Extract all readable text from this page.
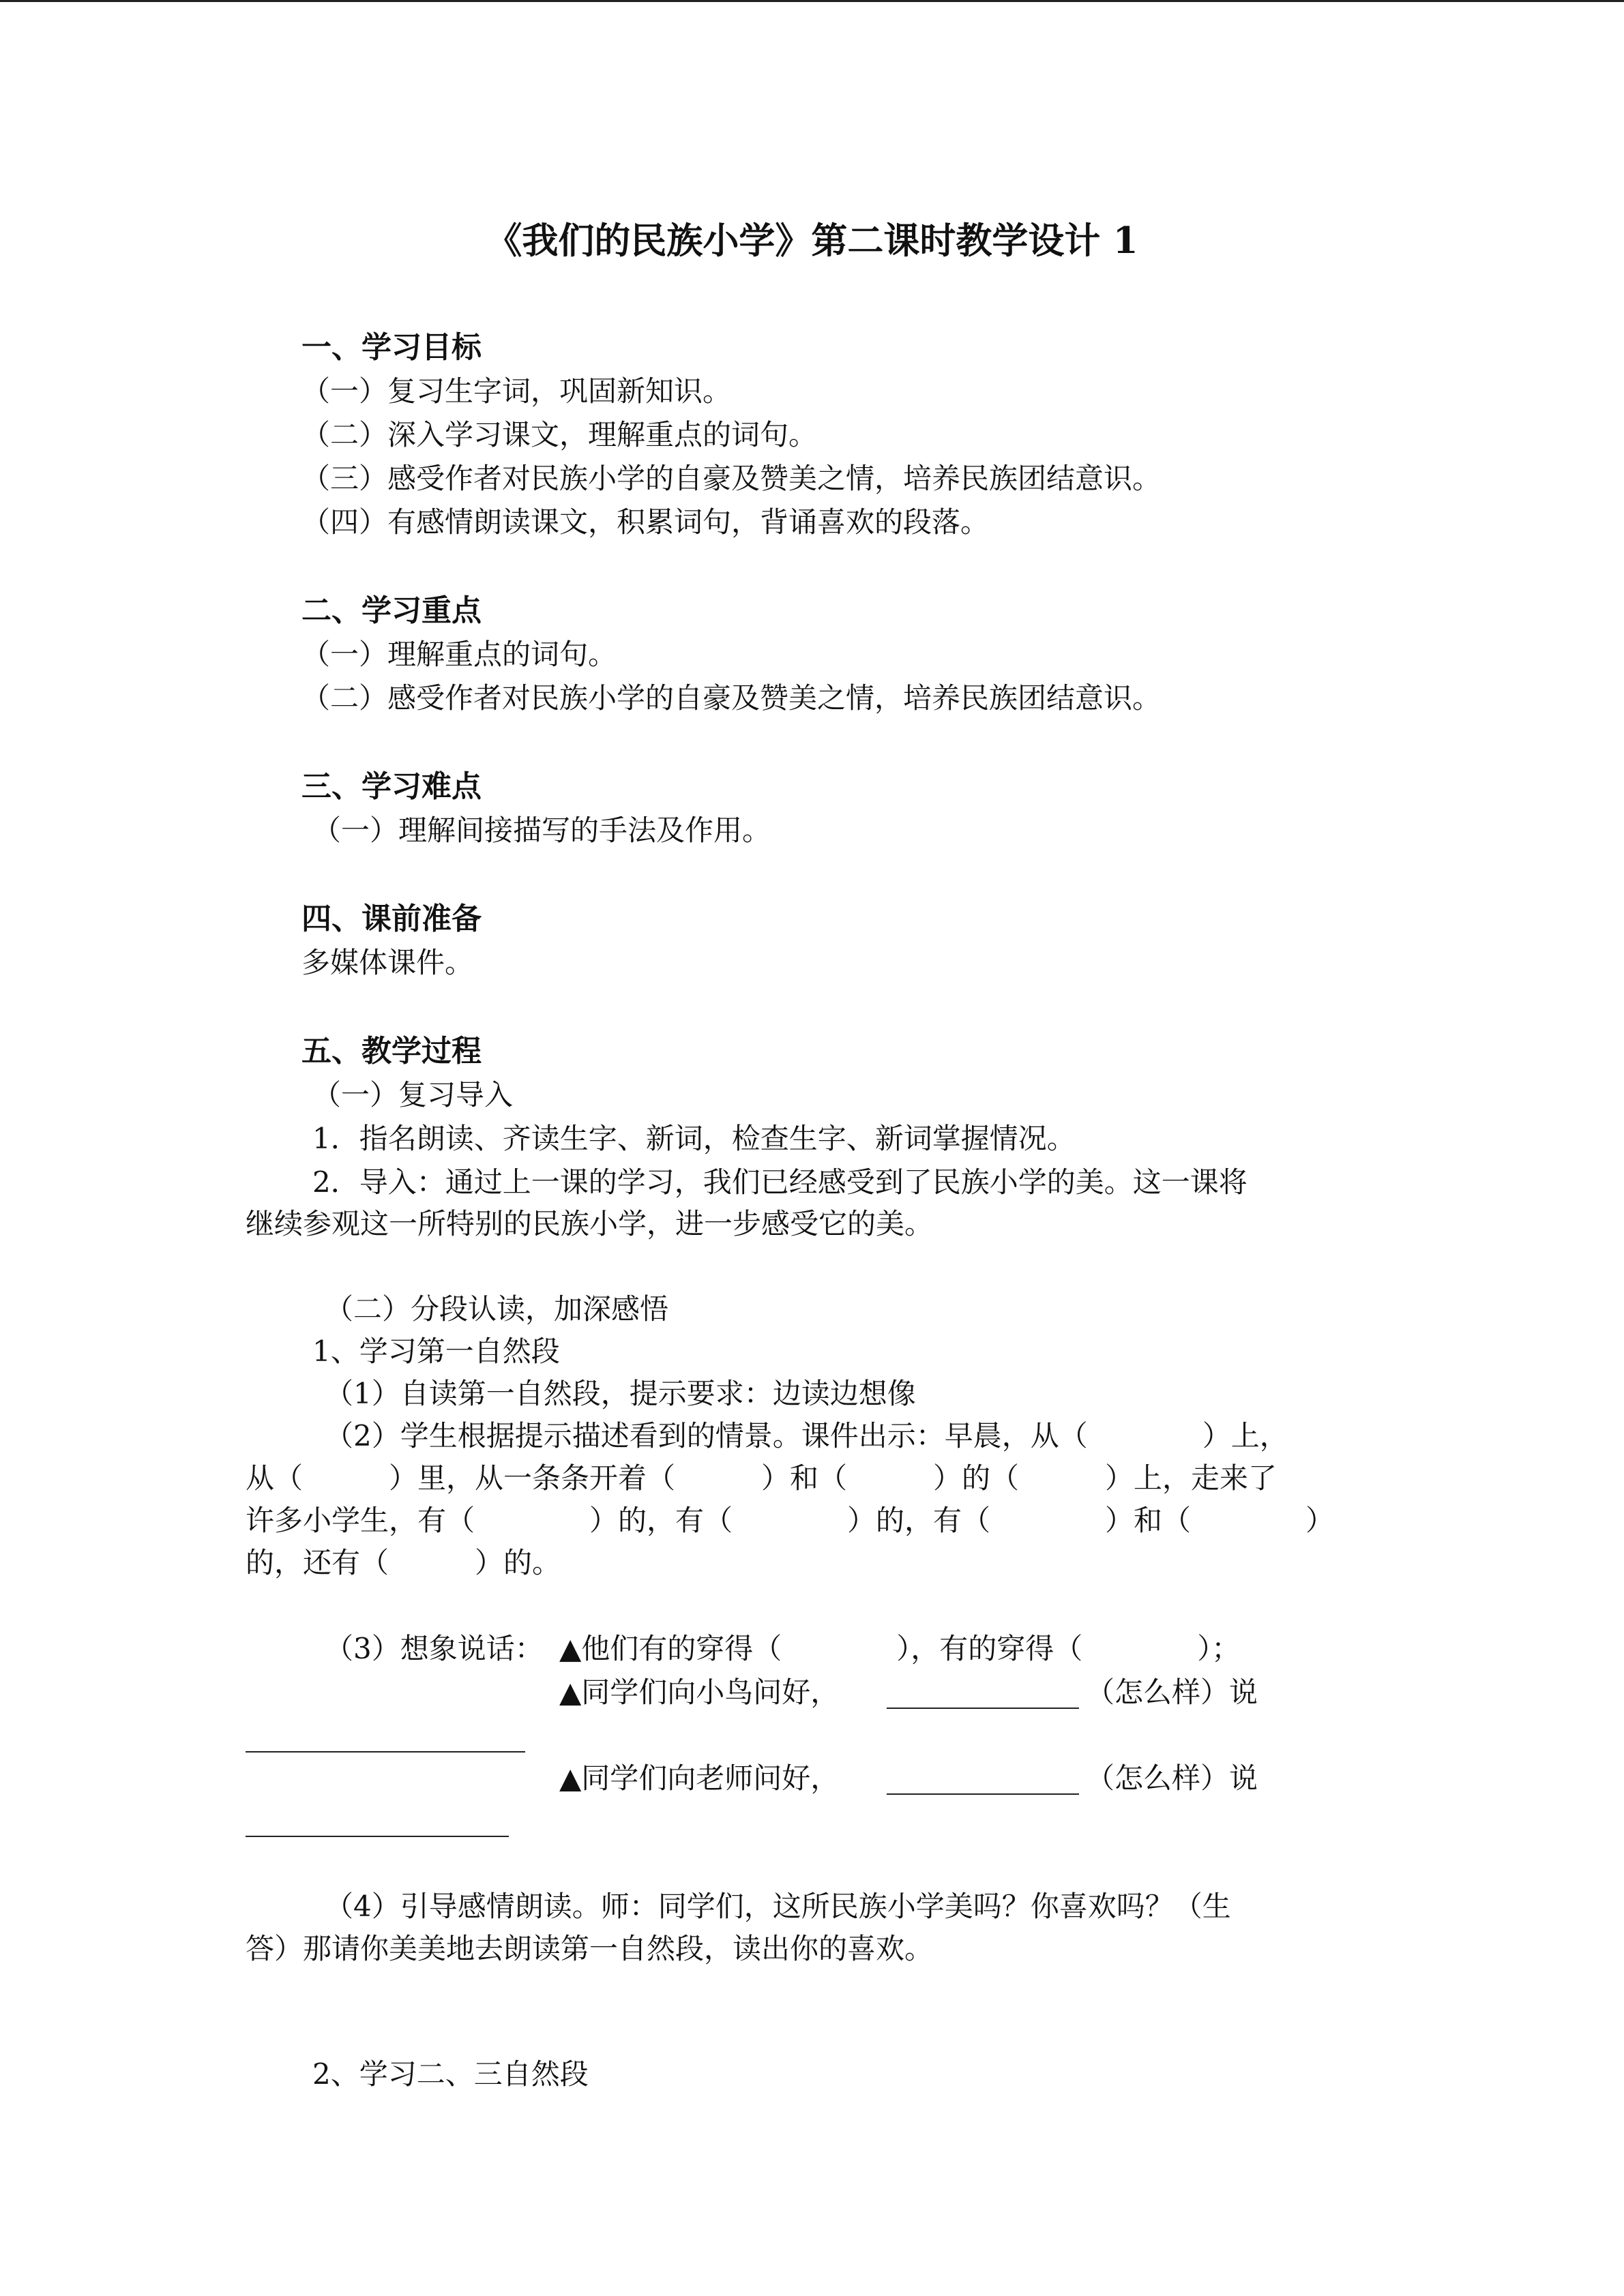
《我们的民族小学》第二课时教学设计 1
一、学习目标
（一）复习生字词，巩固新知识。
（二）深入学习课文，理解重点的词句。
（三）感受作者对民族小学的自豪及赞美之情，培养民族团结意识。
（四）有感情朗读课文，积累词句，背诵喜欢的段落。
二、学习重点
（一）理解重点的词句。
（二）感受作者对民族小学的自豪及赞美之情，培养民族团结意识。
三、学习难点
（一）理解间接描写的手法及作用。
四、课前准备
多媒体课件。
五、教学过程
（一）复习导入
1．指名朗读、齐读生字、新词，检查生字、新词掌握情况。
2．导入：通过上一课的学习，我们已经感受到了民族小学的美。这一课将
继续参观这一所特别的民族小学，进一步感受它的美。
（二）分段认读，加深感悟
1、学习第一自然段
（1）自读第一自然段，提示要求：边读边想像
（2）学生根据提示描述看到的情景。课件出示：早晨，从（　　　　）上，
从（　　　）里，从一条条开着（　　　）和（　　　）的（　　　）上，走来了
许多小学生，有（　　　　）的，有（　　　　）的，有（　　　　）和（　　　　）
的，还有（　　　）的。
（3）想象说话： ▲他们有的穿得（　　　　），有的穿得（　　　　）；
▲同学们向小鸟问好，	（怎么样）说
▲同学们向老师问好，	（怎么样）说
（4）引导感情朗读。师：同学们，这所民族小学美吗？你喜欢吗？（生
答）那请你美美地去朗读第一自然段，读出你的喜欢。
2、学习二、三自然段
